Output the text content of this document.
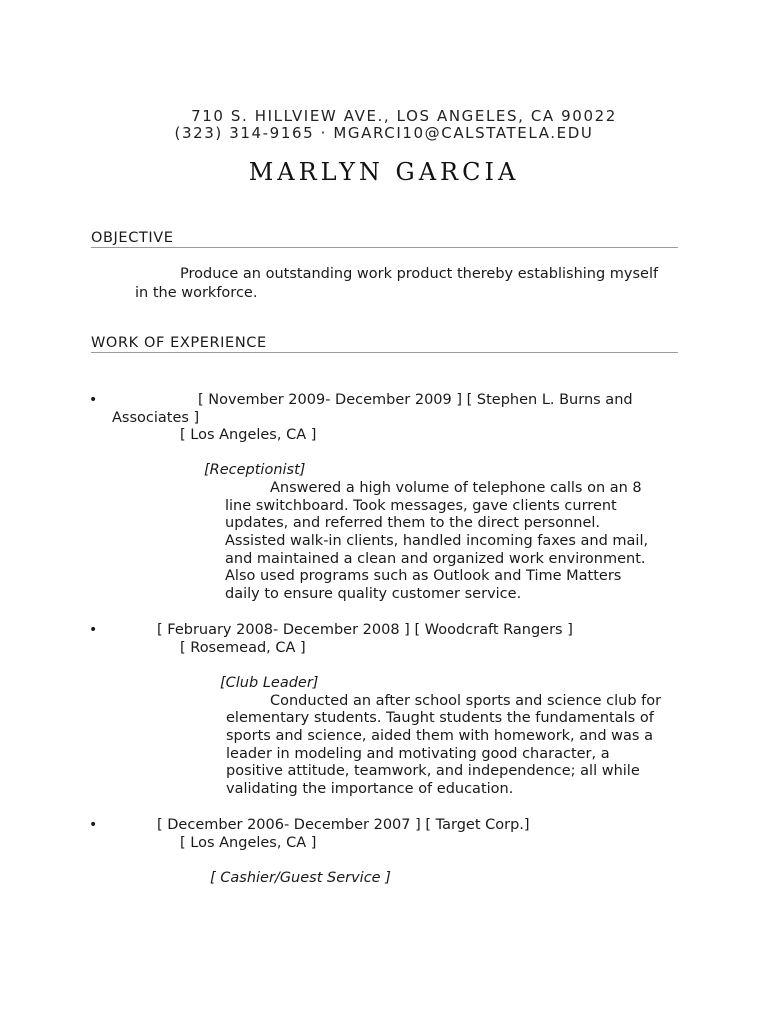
710 S. HILLVIEW AVE., LOS ANGELES, CA 90022
(323) 314-9165 · MGARCI10@CALSTATELA.EDU
MARLYN GARCIA
OBJECTIVE
Produce an outstanding work product thereby establishing myself
in the workforce.
WORK OF EXPERIENCE
•	[ November 2009- December 2009 ] [ Stephen L. Burns and
Associates ]
[ Los Angeles, CA ]
[Receptionist]
Answered a high volume of telephone calls on an 8
line switchboard. Took messages, gave clients current
updates, and referred them to the direct personnel.
Assisted walk-in clients, handled incoming faxes and mail,
and maintained a clean and organized work environment.
Also used programs such as Outlook and Time Matters
daily to ensure quality customer service.
•	[ February 2008- December 2008 ] [ Woodcraft Rangers ]
[ Rosemead, CA ]
[Club Leader]
Conducted an after school sports and science club for
elementary students. Taught students the fundamentals of
sports and science, aided them with homework, and was a
leader in modeling and motivating good character, a
positive attitude, teamwork, and independence; all while
validating the importance of education.
•	[ December 2006- December 2007 ] [ Target Corp.]
[ Los Angeles, CA ]
[ Cashier/Guest Service ]
